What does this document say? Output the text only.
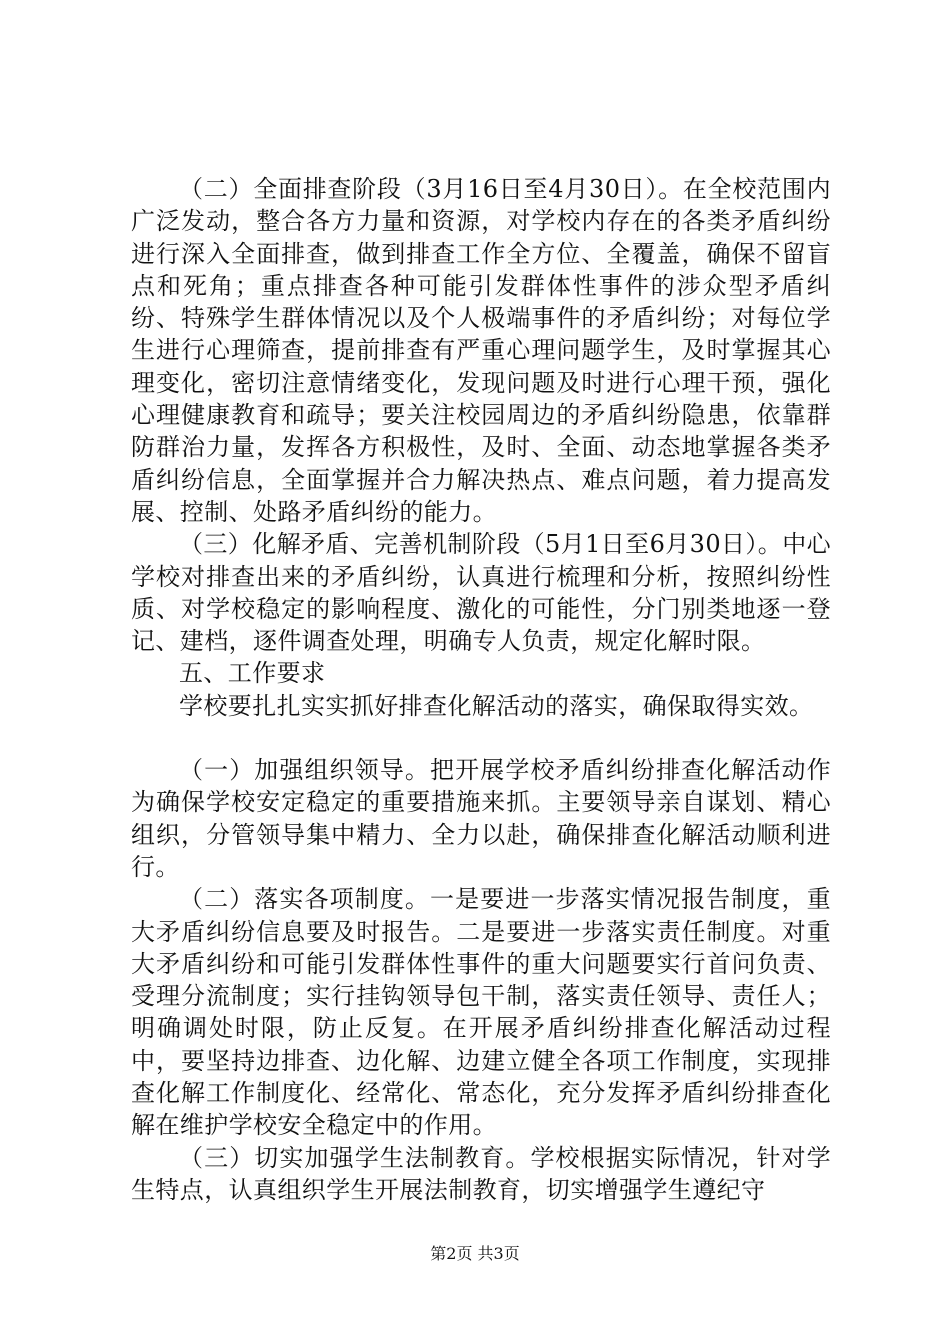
（二）全面排查阶段（3月16日至4月30日）。在全校范围内广泛发动，整合各方力量和资源，对学校内存在的各类矛盾纠纷进行深入全面排查，做到排查工作全方位、全覆盖，确保不留盲点和死角；重点排查各种可能引发群体性事件的涉众型矛盾纠纷、特殊学生群体情况以及个人极端事件的矛盾纠纷；对每位学生进行心理筛查，提前排查有严重心理问题学生，及时掌握其心理变化，密切注意情绪变化，发现问题及时进行心理干预，强化心理健康教育和疏导；要关注校园周边的矛盾纠纷隐患，依靠群防群治力量，发挥各方积极性，及时、全面、动态地掌握各类矛盾纠纷信息，全面掌握并合力解决热点、难点问题，着力提高发展、控制、处路矛盾纠纷的能力。

（三）化解矛盾、完善机制阶段（5月1日至6月30日）。中心学校对排查出来的矛盾纠纷，认真进行梳理和分析，按照纠纷性质、对学校稳定的影响程度、激化的可能性，分门别类地逐一登记、建档，逐件调查处理，明确专人负责，规定化解时限。

五、工作要求

学校要扎扎实实抓好排查化解活动的落实，确保取得实效。

（一）加强组织领导。把开展学校矛盾纠纷排查化解活动作为确保学校安定稳定的重要措施来抓。主要领导亲自谋划、精心组织，分管领导集中精力、全力以赴，确保排查化解活动顺利进行。

（二）落实各项制度。一是要进一步落实情况报告制度，重大矛盾纠纷信息要及时报告。二是要进一步落实责任制度。对重大矛盾纠纷和可能引发群体性事件的重大问题要实行首问负责、受理分流制度；实行挂钩领导包干制，落实责任领导、责任人；明确调处时限，防止反复。在开展矛盾纠纷排查化解活动过程中，要坚持边排查、边化解、边建立健全各项工作制度，实现排查化解工作制度化、经常化、常态化，充分发挥矛盾纠纷排查化解在维护学校安全稳定中的作用。

（三）切实加强学生法制教育。学校根据实际情况，针对学生特点，认真组织学生开展法制教育，切实增强学生遵纪守

第2页 共3页
